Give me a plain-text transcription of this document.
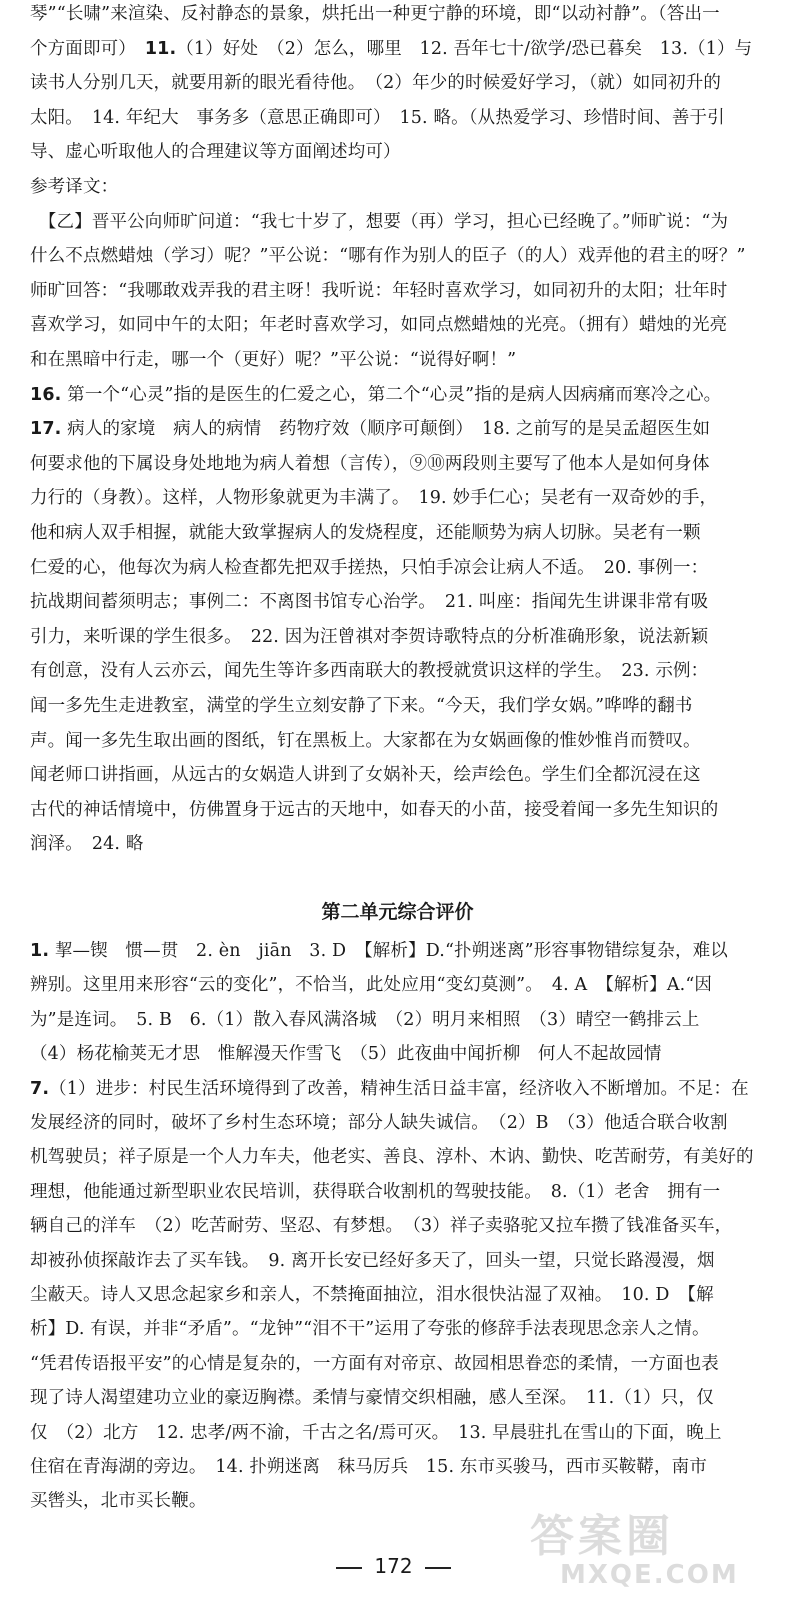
琴”“长啸”来渲染、反衬静态的景象，烘托出一种更宁静的环境，即“以动衬静”。（答出一
个方面即可）　11.（1）好处　（2）怎么，哪里　12. 吾年七十/欲学/恐已暮矣　13.（1）与
读书人分别几天，就要用新的眼光看待他。　（2）年少的时候爱好学习，（就）如同初升的
太阳。　14. 年纪大　事务多（意思正确即可）　15. 略。（从热爱学习、珍惜时间、善于引
导、虚心听取他人的合理建议等方面阐述均可）
参考译文：
　【乙】晋平公向师旷问道：“我七十岁了，想要（再）学习，担心已经晚了。”师旷说：“为
什么不点燃蜡烛（学习）呢？”平公说：“哪有作为别人的臣子（的人）戏弄他的君主的呀？”
师旷回答：“我哪敢戏弄我的君主呀！我听说：年轻时喜欢学习，如同初升的太阳；壮年时
喜欢学习，如同中午的太阳；年老时喜欢学习，如同点燃蜡烛的光亮。（拥有）蜡烛的光亮
和在黑暗中行走，哪一个（更好）呢？”平公说：“说得好啊！”
16. 第一个“心灵”指的是医生的仁爱之心，第二个“心灵”指的是病人因病痛而寒冷之心。
17. 病人的家境　病人的病情　药物疗效（顺序可颠倒）　18. 之前写的是吴孟超医生如
何要求他的下属设身处地地为病人着想（言传），⑨⑩两段则主要写了他本人是如何身体
力行的（身教）。这样，人物形象就更为丰满了。　19. 妙手仁心；吴老有一双奇妙的手，
他和病人双手相握，就能大致掌握病人的发烧程度，还能顺势为病人切脉。吴老有一颗
仁爱的心，他每次为病人检查都先把双手搓热，只怕手凉会让病人不适。　20. 事例一：
抗战期间蓄须明志；事例二：不离图书馆专心治学。　21. 叫座：指闻先生讲课非常有吸
引力，来听课的学生很多。　22. 因为汪曾祺对李贺诗歌特点的分析准确形象，说法新颖
有创意，没有人云亦云，闻先生等许多西南联大的教授就赏识这样的学生。　23. 示例：
闻一多先生走进教室，满堂的学生立刻安静了下来。“今天，我们学女娲。”哗哗的翻书
声。闻一多先生取出画的图纸，钉在黑板上。大家都在为女娲画像的惟妙惟肖而赞叹。
闻老师口讲指画，从远古的女娲造人讲到了女娲补天，绘声绘色。学生们全都沉浸在这
古代的神话情境中，仿佛置身于远古的天地中，如春天的小苗，接受着闻一多先生知识的
润泽。　24. 略
第二单元综合评价
1. 挈—锲　惯—贯　2. èn　jiān　3. D　【解析】D.“扑朔迷离”形容事物错综复杂，难以
辨别。这里用来形容“云的变化”，不恰当，此处应用“变幻莫测”。　4. A　【解析】A.“因
为”是连词。　5. B　6.（1）散入春风满洛城　（2）明月来相照　（3）晴空一鹤排云上
（4）杨花榆荚无才思　惟解漫天作雪飞　（5）此夜曲中闻折柳　何人不起故园情
7.（1）进步：村民生活环境得到了改善，精神生活日益丰富，经济收入不断增加。不足：在
发展经济的同时，破坏了乡村生态环境；部分人缺失诚信。　（2）B　（3）他适合联合收割
机驾驶员；祥子原是一个人力车夫，他老实、善良、淳朴、木讷、勤快、吃苦耐劳，有美好的
理想，他能通过新型职业农民培训，获得联合收割机的驾驶技能。　8.（1）老舍　拥有一
辆自己的洋车　（2）吃苦耐劳、坚忍、有梦想。　（3）祥子卖骆驼又拉车攒了钱准备买车，
却被孙侦探敲诈去了买车钱。　9. 离开长安已经好多天了，回头一望，只觉长路漫漫，烟
尘蔽天。诗人又思念起家乡和亲人，不禁掩面抽泣，泪水很快沾湿了双袖。　10. D　【解
析】D. 有误，并非“矛盾”。“龙钟”“泪不干”运用了夸张的修辞手法表现思念亲人之情。
“凭君传语报平安”的心情是复杂的，一方面有对帝京、故园相思眷恋的柔情，一方面也表
现了诗人渴望建功立业的豪迈胸襟。柔情与豪情交织相融，感人至深。　11.（1）只，仅
仅　（2）北方　12. 忠孝/两不渝，千古之名/焉可灭。　13. 早晨驻扎在雪山的下面，晚上
住宿在青海湖的旁边。　14. 扑朔迷离　秣马厉兵　15. 东市买骏马，西市买鞍鞯，南市
买辔头，北市买长鞭。
172
答案圈
MXQE.COM
